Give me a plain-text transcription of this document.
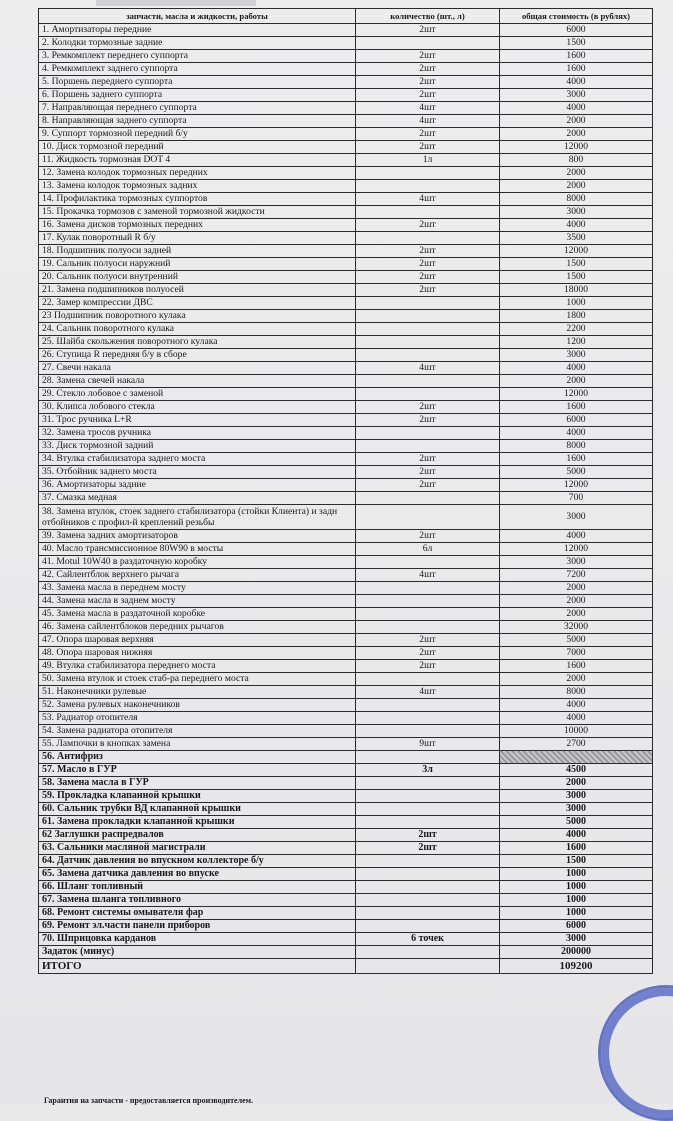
запчасти, масла и жидкости, работы	количество (шт., л)	общая стоимость (в рублях)
1. Амортизаторы передние	2шт	6000
2. Колодки тормозные задние		1500
3. Ремкомплект переднего суппорта	2шт	1600
4. Ремкомплект заднего суппорта	2шт	1600
5. Поршень переднего суппорта	2шт	4000
6. Поршень заднего суппорта	2шт	3000
7. Направляющая переднего суппорта	4шт	4000
8. Направляющая заднего суппорта	4шт	2000
9. Суппорт тормозной передний б/у	2шт	2000
10. Диск тормозной передний	2шт	12000
11. Жидкость тормозная DOT 4	1л	800
12. Замена колодок тормозных передних		2000
13. Замена колодок тормозных задних		2000
14. Профилактика тормозных суппортов	4шт	8000
15. Прокачка тормозов с заменой тормозной жидкости		3000
16. Замена дисков тормозных передних	2шт	4000
17. Кулак поворотный R б/у		3500
18. Подшипник полуоси задней	2шт	12000
19. Сальник полуоси наружний	2шт	1500
20. Сальник полуоси внутренний	2шт	1500
21. Замена подшипников полуосей	2шт	18000
22. Замер компрессии ДВС		1000
23 Подшипник поворотного кулака		1800
24. Сальник поворотного кулака		2200
25. Шайба скольжения поворотного кулака		1200
26. Ступица R передняя б/у в сборе		3000
27. Свечи накала	4шт	4000
28. Замена свечей накала		2000
29. Стекло лобовое с заменой		12000
30. Клипса лобового стекла	2шт	1600
31. Трос ручника L+R	2шт	6000
32. Замена тросов ручника		4000
33. Диск тормозной задний		8000
34. Втулка стабилизатора заднего моста	2шт	1600
35. Отбойник заднего моста	2шт	5000
36. Амортизаторы задние	2шт	12000
37. Смазка медная		700
38. Замена втулок, стоек заднего стабилизатора (стойки Клиента) и задн отбойников с профил-й креплений резьбы		3000
39. Замена задних амортизаторов	2шт	4000
40. Масло трансмиссионное 80W90 в мосты	6л	12000
41. Motul 10W40 в раздаточную коробку		3000
42. Сайлентблок верхнего рычага	4шт	7200
43. Замена масла в переднем мосту		2000
44. Замена масла в заднем мосту		2000
45. Замена масла в раздаточной коробке		2000
46. Замена сайлентблоков передних рычагов		32000
47. Опора шаровая верхняя	2шт	5000
48. Опора шаровая нижняя	2шт	7000
49. Втулка стабилизатора переднего моста	2шт	1600
50. Замена втулок и стоек стаб-ра переднего моста		2000
51. Наконечники рулевые	4шт	8000
52. Замена рулевых наконечников		4000
53. Радиатор отопителя		4000
54. Замена радиатора отопителя		10000
55. Лампочки в кнопках замена	9шт	2700
56. Антифриз		
57. Масло в ГУР	3л	4500
58. Замена масла в ГУР		2000
59. Прокладка клапанной крышки		3000
60. Сальник трубки ВД клапанной крышки		3000
61. Замена прокладки клапанной крышки		5000
62 Заглушки распредвалов	2шт	4000
63. Сальники масляной магистрали	2шт	1600
64. Датчик давления во впускном коллекторе б/у		1500
65. Замена датчика давления во впуске		1000
66. Шланг топливный		1000
67. Замена шланга топливного		1000
68. Ремонт системы омывателя фар		1000
69. Ремонт эл.части панели приборов		6000
70. Шприцовка карданов	6 точек	3000
Задаток (минус)		200000
ИТОГО		109200
Гарантия на запчасти - предоставляется производителем.
